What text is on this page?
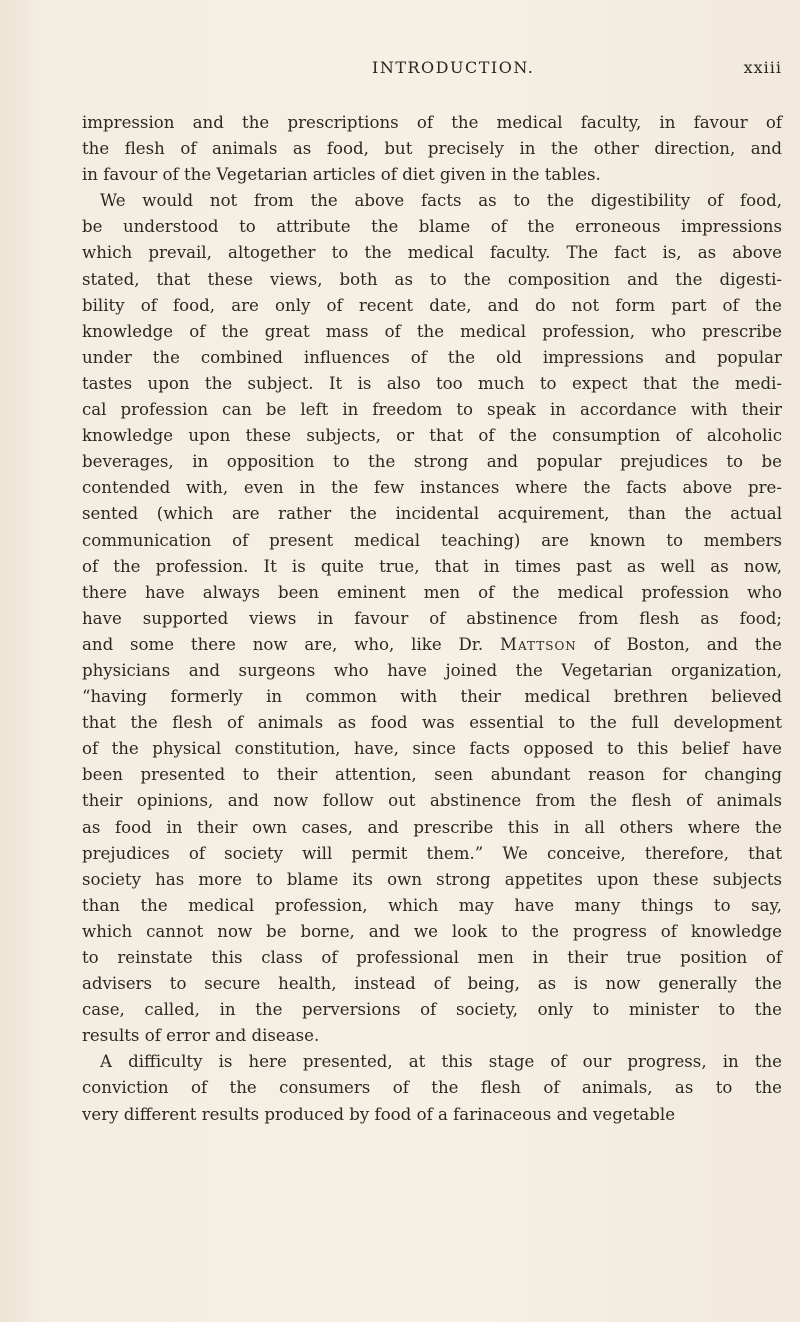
INTRODUCTION.	xxiii
impression and the prescriptions of the medical faculty, in favour of
the flesh of animals as food, but precisely in the other direction, and
in favour of the Vegetarian articles of diet given in the tables.
We would not from the above facts as to the digestibility of food,
be understood to attribute the blame of the erroneous impressions
which prevail, altogether to the medical faculty. The fact is, as above
stated, that these views, both as to the composition and the digesti-
bility of food, are only of recent date, and do not form part of the
knowledge of the great mass of the medical profession, who prescribe
under the combined influences of the old impressions and popular
tastes upon the subject. It is also too much to expect that the medi-
cal profession can be left in freedom to speak in accordance with their
knowledge upon these subjects, or that of the consumption of alcoholic
beverages, in opposition to the strong and popular prejudices to be
contended with, even in the few instances where the facts above pre-
sented (which are rather the incidental acquirement, than the actual
communication of present medical teaching) are known to members
of the profession. It is quite true, that in times past as well as now,
there have always been eminent men of the medical profession who
have supported views in favour of abstinence from flesh as food;
and some there now are, who, like Dr. Mattson of Boston, and the
physicians and surgeons who have joined the Vegetarian organization,
“having formerly in common with their medical brethren believed
that the flesh of animals as food was essential to the full development
of the physical constitution, have, since facts opposed to this belief have
been presented to their attention, seen abundant reason for changing
their opinions, and now follow out abstinence from the flesh of animals
as food in their own cases, and prescribe this in all others where the
prejudices of society will permit them.” We conceive, therefore, that
society has more to blame its own strong appetites upon these subjects
than the medical profession, which may have many things to say,
which cannot now be borne, and we look to the progress of knowledge
to reinstate this class of professional men in their true position of
advisers to secure health, instead of being, as is now generally the
case, called, in the perversions of society, only to minister to the
results of error and disease.
A difficulty is here presented, at this stage of our progress, in the
conviction of the consumers of the flesh of animals, as to the
very different results produced by food of a farinaceous and vegetable
